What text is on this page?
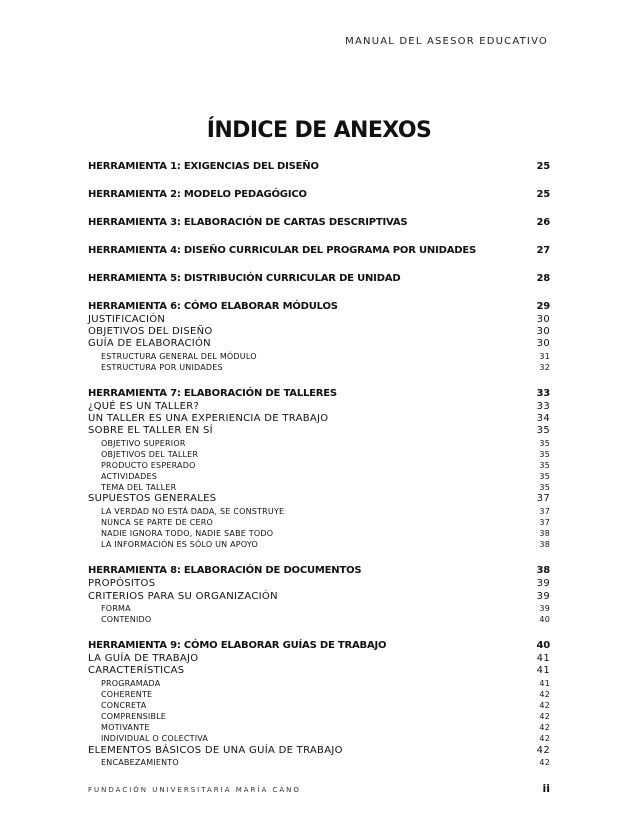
MANUAL DEL ASESOR EDUCATIVO
ÍNDICE DE ANEXOS
HERRAMIENTA 1: EXIGENCIAS DEL DISEÑO	25
HERRAMIENTA 2: MODELO PEDAGÓGICO	25
HERRAMIENTA 3: ELABORACIÓN DE CARTAS DESCRIPTIVAS	26
HERRAMIENTA 4: DISEÑO CURRICULAR DEL PROGRAMA POR UNIDADES	27
HERRAMIENTA 5: DISTRIBUCIÓN CURRICULAR DE UNIDAD	28
HERRAMIENTA 6: CÓMO ELABORAR MÓDULOS	29
JUSTIFICACIÓN	30
OBJETIVOS DEL DISEÑO	30
GUÍA DE ELABORACIÓN	30
ESTRUCTURA GENERAL DEL MÓDULO	31
ESTRUCTURA POR UNIDADES	32
HERRAMIENTA 7: ELABORACIÓN DE TALLERES	33
¿QUÉ ES UN TALLER?	33
UN TALLER ES UNA EXPERIENCIA DE TRABAJO	34
SOBRE EL TALLER EN SÍ	35
OBJETIVO SUPERIOR	35
OBJETIVOS DEL TALLER	35
PRODUCTO ESPERADO	35
ACTIVIDADES	35
TEMA DEL TALLER	35
SUPUESTOS GENERALES	37
LA VERDAD NO ESTÁ DADA, SE CONSTRUYE	37
NUNCA SE PARTE DE CERO	37
NADIE IGNORA TODO, NADIE SABE TODO	38
LA INFORMACIÓN ES SÓLO UN APOYO	38
HERRAMIENTA 8: ELABORACIÓN DE DOCUMENTOS	38
PROPÓSITOS	39
CRITERIOS PARA SU ORGANIZACIÓN	39
FORMA	39
CONTENIDO	40
HERRAMIENTA 9: CÓMO ELABORAR GUÍAS DE TRABAJO	40
LA GUÍA DE TRABAJO	41
CARACTERÍSTICAS	41
PROGRAMADA	41
COHERENTE	42
CONCRETA	42
COMPRENSIBLE	42
MOTIVANTE	42
INDIVIDUAL O COLECTIVA	42
ELEMENTOS BÁSICOS DE UNA GUÍA DE TRABAJO	42
ENCABEZAMIENTO	42
FUNDACIÓN UNIVERSITARIA MARÍA CANO	ii
